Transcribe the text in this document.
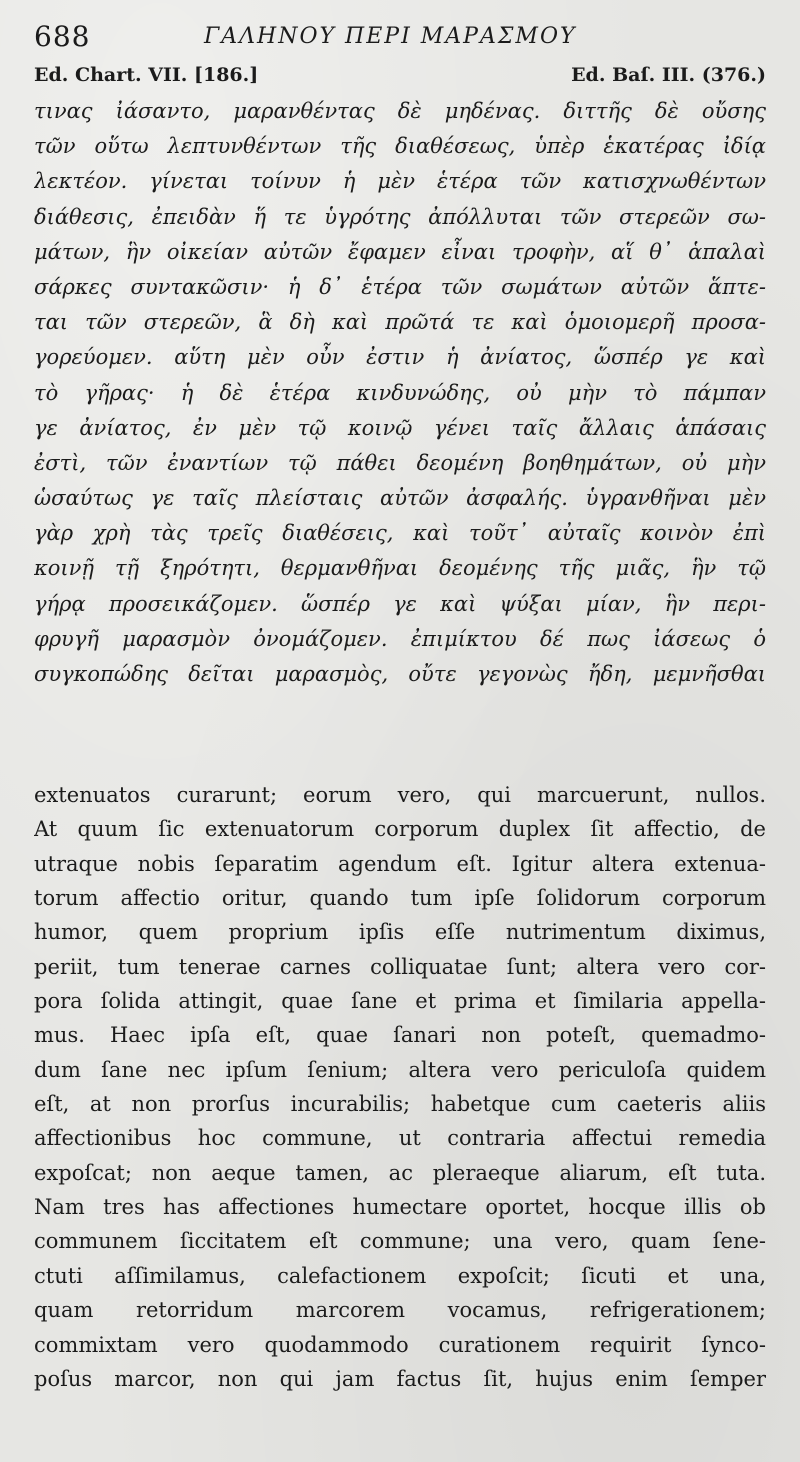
688	ΓΑΛΗΝΟΥ ΠΕΡΙ ΜΑΡΑΣΜΟΥ
Ed. Chart. VII. [186.]	Ed. Baſ. III. (376.)
τινας ἰάσαντο, μαρανθέντας δὲ μηδένας. διττῆς δὲ οὔσης
τῶν οὕτω λεπτυνθέντων τῆς διαθέσεως, ὑπὲρ ἑκατέρας ἰδίᾳ
λεκτέον. γίνεται τοίνυν ἡ μὲν ἑτέρα τῶν κατισχνωθέντων
διάθεσις, ἐπειδὰν ἥ τε ὑγρότης ἀπόλλυται τῶν στερεῶν σω-
μάτων, ἣν οἰκείαν αὐτῶν ἔφαμεν εἶναι τροφὴν, αἵ θ᾽ ἁπαλαὶ
σάρκες συντακῶσιν· ἡ δ᾽ ἑτέρα τῶν σωμάτων αὐτῶν ἅπτε-
ται τῶν στερεῶν, ἃ δὴ καὶ πρῶτά τε καὶ ὁμοιομερῆ προσα-
γορεύομεν. αὕτη μὲν οὖν ἐστιν ἡ ἀνίατος, ὥσπέρ γε καὶ
τὸ γῆρας· ἡ δὲ ἑτέρα κινδυνώδης, οὐ μὴν τὸ πάμπαν
γε ἀνίατος, ἐν μὲν τῷ κοινῷ γένει ταῖς ἄλλαις ἁπάσαις
ἐστὶ, τῶν ἐναντίων τῷ πάθει δεομένη βοηθημάτων, οὐ μὴν
ὡσαύτως γε ταῖς πλείσταις αὐτῶν ἀσφαλής. ὑγρανθῆναι μὲν
γὰρ χρὴ τὰς τρεῖς διαθέσεις, καὶ τοῦτ᾽ αὐταῖς κοινὸν ἐπὶ
κοινῇ τῇ ξηρότητι, θερμανθῆναι δεομένης τῆς μιᾶς, ἣν τῷ
γήρᾳ προσεικάζομεν. ὥσπέρ γε καὶ ψύξαι μίαν, ἣν περι-
φρυγῆ μαρασμὸν ὀνομάζομεν. ἐπιμίκτου δέ πως ἰάσεως ὁ
συγκοπώδης δεῖται μαρασμὸς, οὔτε γεγονὼς ἤδη, μεμνῆσθαι
extenuatos curarunt; eorum vero, qui marcuerunt, nullos.
At quum ſic extenuatorum corporum duplex ſit affectio, de
utraque nobis ſeparatim agendum eſt. Igitur altera extenua-
torum affectio oritur, quando tum ipſe ſolidorum corporum
humor, quem proprium ipſis eſſe nutrimentum diximus,
periit, tum tenerae carnes colliquatae ſunt; altera vero cor-
pora ſolida attingit, quae ſane et prima et ſimilaria appella-
mus. Haec ipſa eſt, quae ſanari non poteſt, quemadmo-
dum ſane nec ipſum ſenium; altera vero periculoſa quidem
eſt, at non prorſus incurabilis; habetque cum caeteris aliis
affectionibus hoc commune, ut contraria affectui remedia
expoſcat; non aeque tamen, ac pleraeque aliarum, eſt tuta.
Nam tres has affectiones humectare oportet, hocque illis ob
communem ſiccitatem eſt commune; una vero, quam ſene-
ctuti aſſimilamus, calefactionem expoſcit; ſicuti et una,
quam retorridum marcorem vocamus, refrigerationem;
commixtam vero quodammodo curationem requirit ſynco-
poſus marcor, non qui jam factus ſit, hujus enim ſemper
